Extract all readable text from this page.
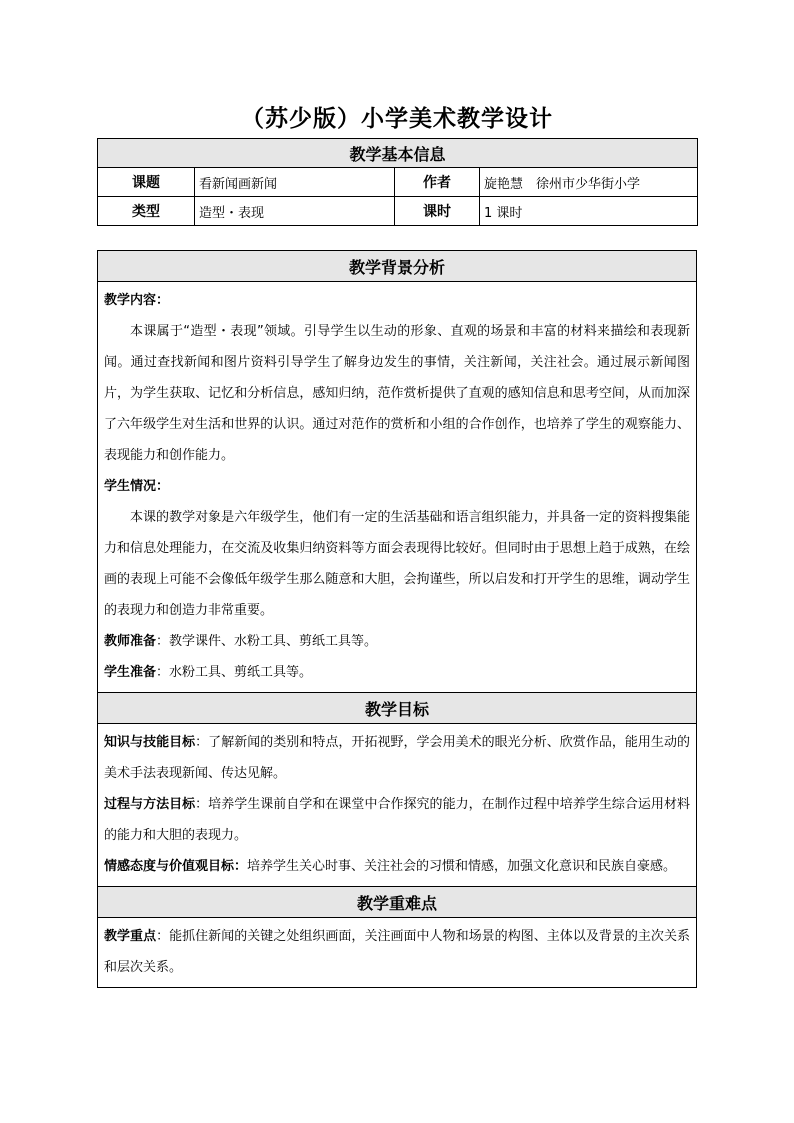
（苏少版）小学美术教学设计
教学基本信息			
课题	看新闻画新闻	作者	旋艳慧　徐州市少华街小学
类型	造型・表现	课时	1 课时
教学背景分析

教学内容：

本课属于“造型・表现”领域。引导学生以生动的形象、直观的场景和丰富的材料来描绘和表现新闻。通过查找新闻和图片资料引导学生了解身边发生的事情，关注新闻，关注社会。通过展示新闻图片，为学生获取、记忆和分析信息，感知归纳，范作赏析提供了直观的感知信息和思考空间，从而加深了六年级学生对生活和世界的认识。通过对范作的赏析和小组的合作创作，也培养了学生的观察能力、表现能力和创作能力。

学生情况：

本课的教学对象是六年级学生，他们有一定的生活基础和语言组织能力，并具备一定的资料搜集能力和信息处理能力，在交流及收集归纳资料等方面会表现得比较好。但同时由于思想上趋于成熟，在绘画的表现上可能不会像低年级学生那么随意和大胆，会拘谨些，所以启发和打开学生的思维，调动学生的表现力和创造力非常重要。

教师准备：教学课件、水粉工具、剪纸工具等。

学生准备：水粉工具、剪纸工具等。

教学目标

知识与技能目标：了解新闻的类别和特点，开拓视野，学会用美术的眼光分析、欣赏作品，能用生动的美术手法表现新闻、传达见解。

过程与方法目标：培养学生课前自学和在课堂中合作探究的能力，在制作过程中培养学生综合运用材料的能力和大胆的表现力。

情感态度与价值观目标：培养学生关心时事、关注社会的习惯和情感，加强文化意识和民族自豪感。

教学重难点

教学重点：能抓住新闻的关键之处组织画面，关注画面中人物和场景的构图、主体以及背景的主次关系和层次关系。
